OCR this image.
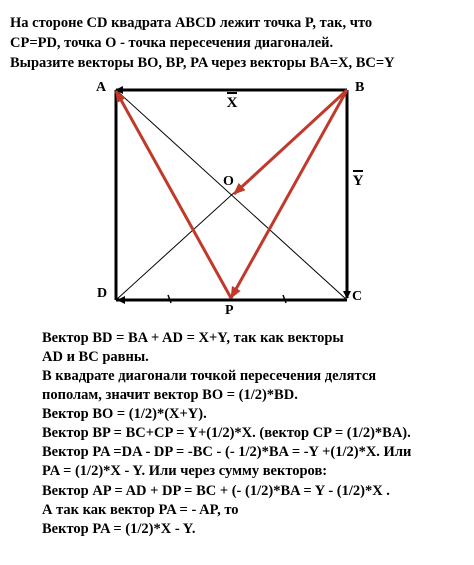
На стороне CD квадрата ABCD лежит точка P, так, что
CP=PD, точка O - точка пересечения диагоналей.
Выразите векторы BO, BP, PA через векторы BA=X, BC=Y
A	B
C
D
O
P
X
Y
Вектор BD = BA + AD = X+Y, так как векторы
AD и BC равны.
В квадрате диагонали точкой пересечения делятся
пополам, значит вектор BO = (1/2)*BD.
Вектор BO = (1/2)*(X+Y).
Вектор BP = BC+CP = Y+(1/2)*X. (вектор CP = (1/2)*BA).
Вектор PA =DA - DP = -BC - (- 1/2)*BA = -Y +(1/2)*X. Или
PA = (1/2)*X - Y. Или через сумму векторов:
Вектор AP = AD + DP = BC + (- (1/2)*BA = Y - (1/2)*X .
А так как вектор PA = - AP, то
Вектор PA = (1/2)*X - Y.
